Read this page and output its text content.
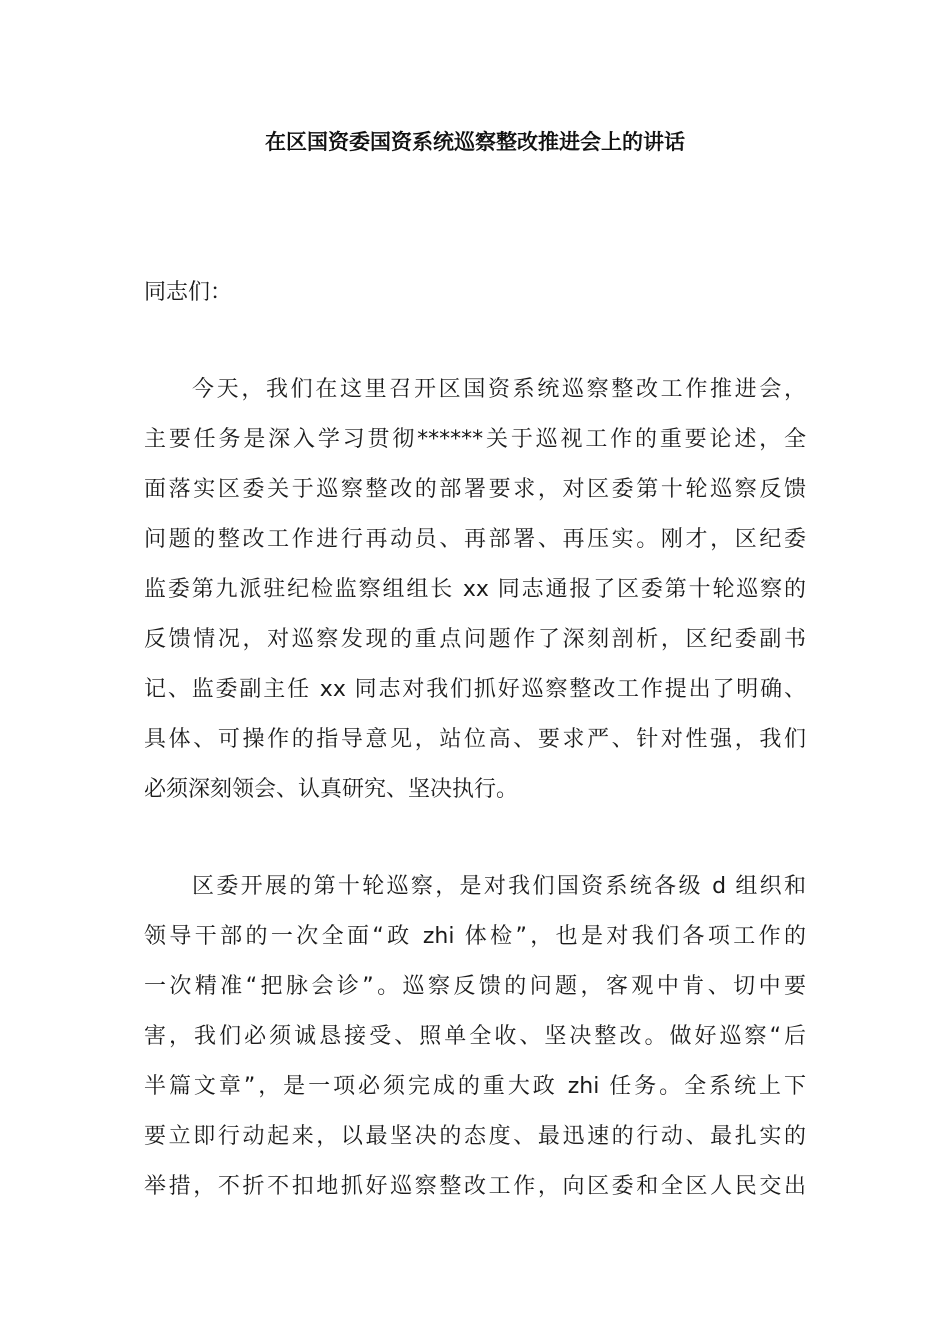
在区国资委国资系统巡察整改推进会上的讲话
同志们：
今天，我们在这里召开区国资系统巡察整改工作推进会，
主要任务是深入学习贯彻******关于巡视工作的重要论述，全
面落实区委关于巡察整改的部署要求，对区委第十轮巡察反馈
问题的整改工作进行再动员、再部署、再压实。刚才，区纪委
监委第九派驻纪检监察组组长 xx 同志通报了区委第十轮巡察的
反馈情况，对巡察发现的重点问题作了深刻剖析，区纪委副书
记、监委副主任 xx 同志对我们抓好巡察整改工作提出了明确、
具体、可操作的指导意见，站位高、要求严、针对性强，我们
必须深刻领会、认真研究、坚决执行。
区委开展的第十轮巡察，是对我们国资系统各级 d 组织和
领导干部的一次全面“政 zhi 体检”，也是对我们各项工作的
一次精准“把脉会诊”。巡察反馈的问题，客观中肯、切中要
害，我们必须诚恳接受、照单全收、坚决整改。做好巡察“后
半篇文章”，是一项必须完成的重大政 zhi 任务。全系统上下
要立即行动起来，以最坚决的态度、最迅速的行动、最扎实的
举措，不折不扣地抓好巡察整改工作，向区委和全区人民交出
